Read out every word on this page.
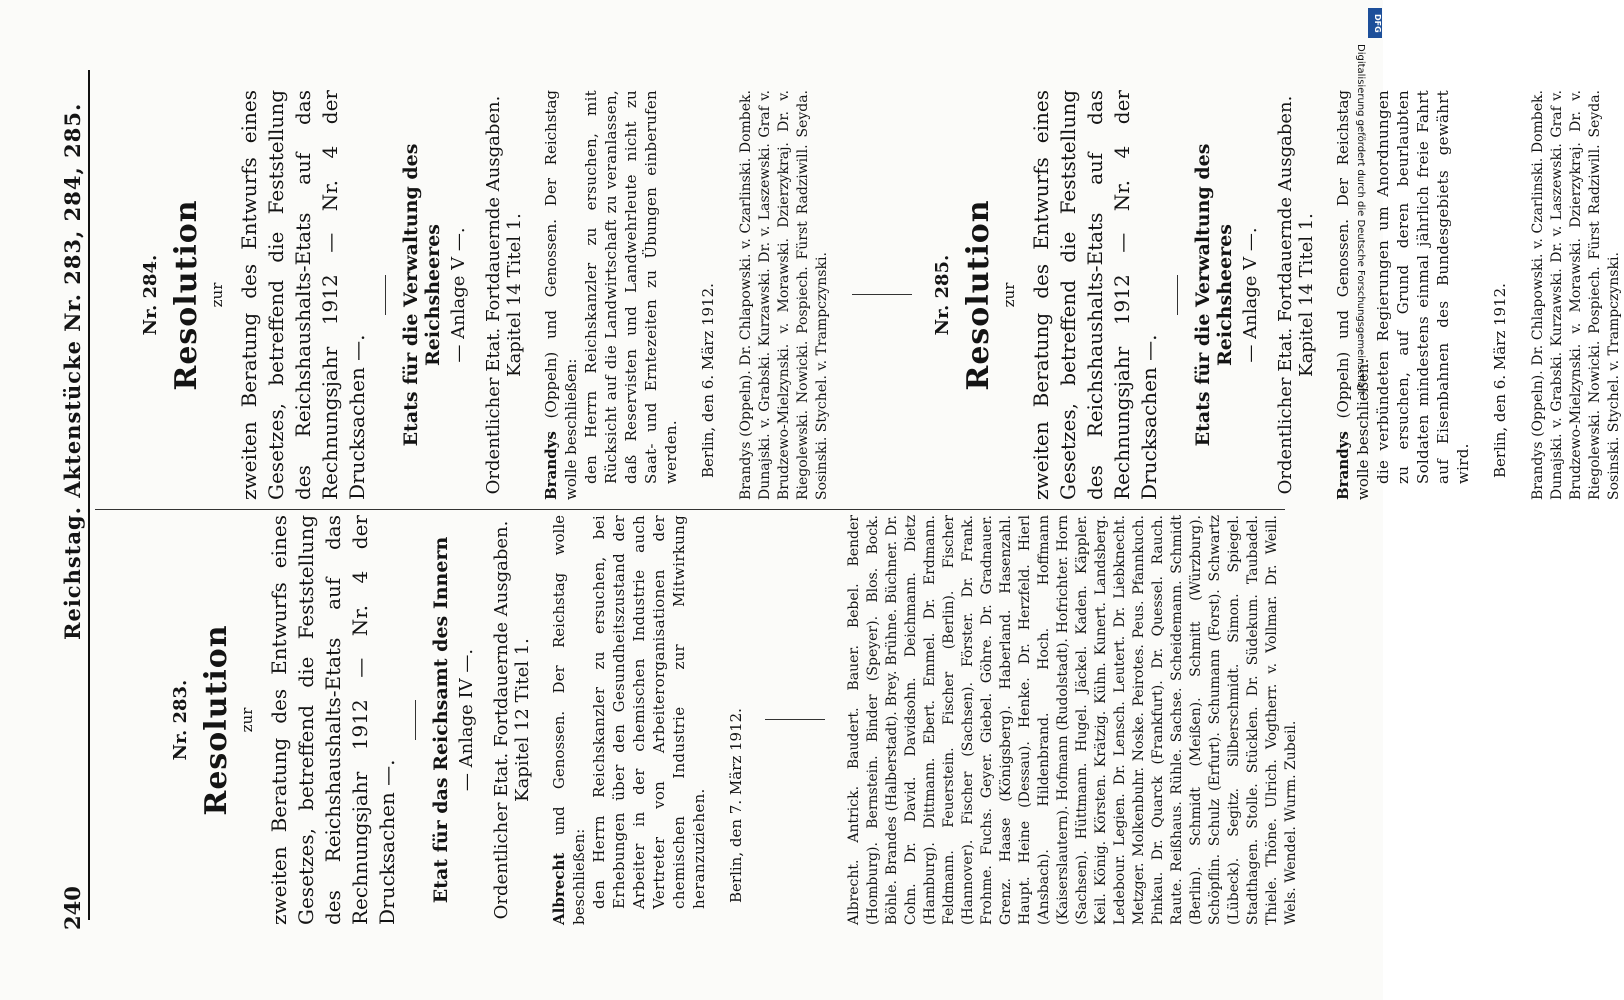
240
Reichstag. Aktenstücke Nr. 283, 284, 285.
Nr. 283. Resolution zur zweiten Beratung des Entwurfs eines Gesetzes, betreffend die Feststellung des Reichshaushalts-Etats auf das Rechnungsjahr 1912 — Nr. 4 der Drucksachen —. Etat für das Reichsamt des Innern — Anlage IV —. Ordentlicher Etat. Fortdauernde Ausgaben. Kapitel 12 Titel 1.
Albrecht und Genossen. Der Reichstag wolle beschließen: den Herrn Reichskanzler zu ersuchen, bei Erhebungen über den Gesundheitszustand der Arbeiter in der chemischen Industrie auch Vertreter von Arbeiterorganisationen der chemischen Industrie zur Mitwirkung heranzuziehen. Berlin, den 7. März 1912.	Albrecht. Antrick. Baudert. Bauer. Bebel. Bender (Homburg). Bernstein. Binder (Speyer). Blos. Bock. Böhle. Brandes (Halberstadt). Brey. Brühne. Büchner. Dr. Cohn. Dr. David. Davidsohn. Deichmann. Dietz (Hamburg). Dittmann. Ebert. Emmel. Dr. Erdmann. Feldmann. Feuerstein. Fischer (Berlin). Fischer (Hannover). Fischer (Sachsen). Förster. Dr. Frank. Frohme. Fuchs. Geyer. Giebel. Göhre. Dr. Gradnauer. Grenz. Haase (Königsberg). Haberland. Hasenzahl. Haupt. Heine (Dessau). Henke. Dr. Herzfeld. Hierl (Ansbach). Hildenbrand. Hoch. Hoffmann (Kaiserslautern). Hofmann (Rudolstadt). Hofrichter. Horn (Sachsen). Hüttmann. Hugel. Jäckel. Kaden. Käppler. Keil. König. Körsten. Krätzig. Kühn. Kunert. Landsberg. Ledebour. Legien. Dr. Lensch. Leutert. Dr. Liebknecht. Metzger. Molkenbuhr. Noske. Peirotes. Peus. Pfannkuch. Pinkau. Dr. Quarck (Frankfurt). Dr. Quessel. Rauch. Raute. Reißhaus. Rühle. Sachse. Scheidemann. Schmidt (Berlin). Schmidt (Meißen). Schmitt (Würzburg). Schöpflin. Schulz (Erfurt). Schumann (Forst). Schwartz (Lübeck). Segitz. Silberschmidt. Simon. Spiegel. Stadthagen. Stolle. Stücklen. Dr. Südekum. Taubadel. Thiele. Thöne. Ulrich. Vogtherr. v. Vollmar. Dr. Weill. Wels. Wendel. Wurm. Zubeil.
Nr. 284. Resolution zur zweiten Beratung des Entwurfs eines Gesetzes, betreffend die Feststellung des Reichshaushalts-Etats auf das Rechnungsjahr 1912 — Nr. 4 der Drucksachen —. Etats für die Verwaltung des Reichsheeres — Anlage V —. Ordentlicher Etat. Fortdauernde Ausgaben. Kapitel 14 Titel 1.
Brandys (Oppeln) und Genossen. Der Reichstag wolle beschließen: den Herrn Reichskanzler zu ersuchen, mit Rücksicht auf die Landwirtschaft zu veranlassen, daß Reservisten und Landwehrleute nicht zu Saat- und Erntezeiten zu Übungen einberufen werden. Berlin, den 6. März 1912. Brandys (Oppeln). Dr. Chlapowski. v. Czarlinski. Dombek. Dunajski. v. Grabski. Kurzawski. Dr. v. Laszewski. Graf v. Brudzewo-Mielzynski. v. Morawski. Dzierzykraj. Dr. v. Riegolewski. Nowicki. Pospiech. Fürst Radziwill. Seyda. Sosinski. Stychel. v. Trampczynski.	Nr. 285. Resolution zur zweiten Beratung des Entwurfs eines Gesetzes, betreffend die Feststellung des Reichshaushalts-Etats auf das Rechnungsjahr 1912 — Nr. 4 der Drucksachen —. Etats für die Verwaltung des Reichsheeres — Anlage V —. Ordentlicher Etat. Fortdauernde Ausgaben. Kapitel 14 Titel 1.
Brandys (Oppeln) und Genossen. Der Reichstag wolle beschließen: die verbündeten Regierungen um Anordnungen zu ersuchen, auf Grund deren beurlaubten Soldaten mindestens einmal jährlich freie Fahrt auf Eisenbahnen des Bundesgebiets gewährt wird. Berlin, den 6. März 1912. Brandys (Oppeln). Dr. Chlapowski. v. Czarlinski. Dombek. Dunajski. v. Grabski. Kurzawski. Dr. v. Laszewski. Graf v. Brudzewo-Mielzynski. v. Morawski. Dzierzykraj. Dr. v. Riegolewski. Nowicki. Pospiech. Fürst Radziwill. Seyda. Sosinski. Stychel. v. Trampczynski.
DFG
Digitalisierung gefördert durch die Deutsche Forschungsgemeinschaft
